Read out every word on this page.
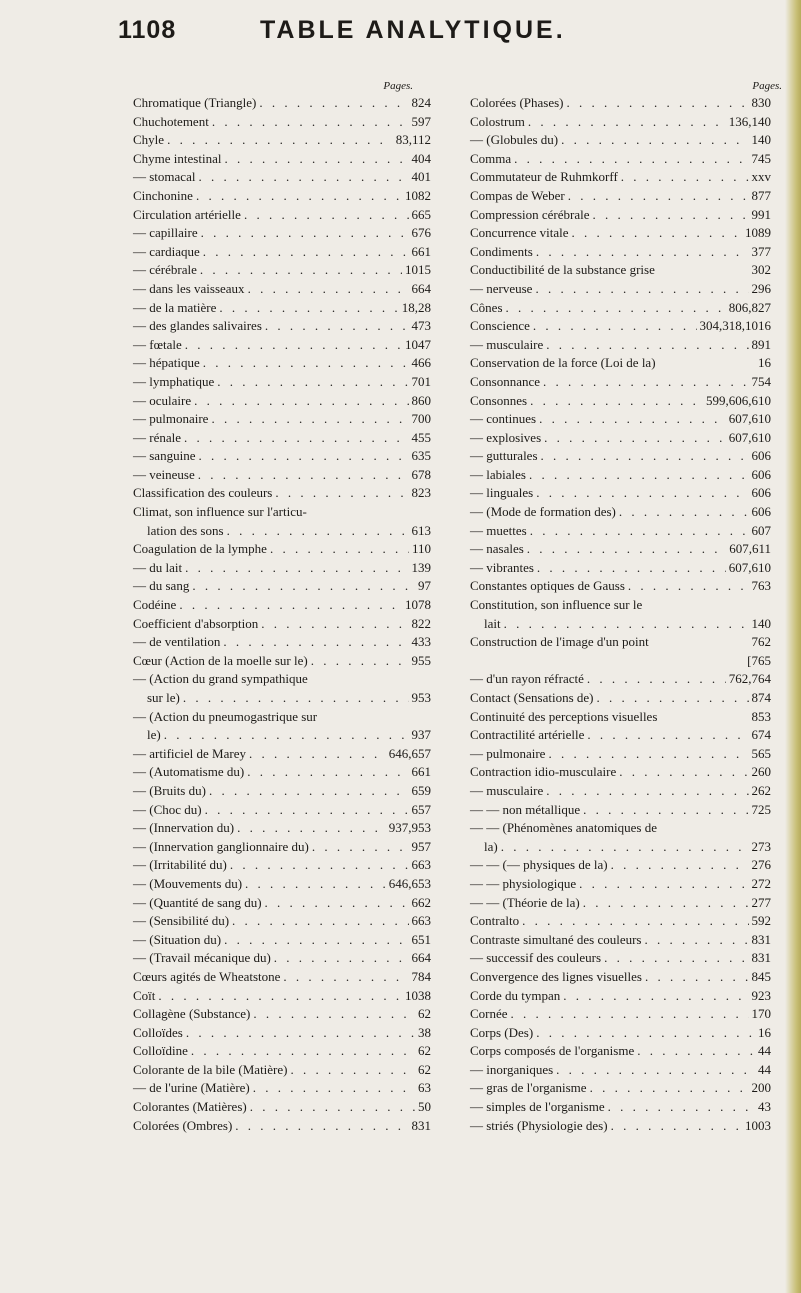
1108	TABLE ANALYTIQUE.
Pages.
Chromatique (Triangle) . . .	824
Chuchotement . . .	597
Chyle . . .	83,112
Chyme intestinal . . .	404
— stomacal . . .	401
Cinchonine . . .	1082
Circulation artérielle . . .	665
— capillaire . . .	676
— cardiaque . . .	661
— cérébrale . . .	1015
— dans les vaisseaux . . .	664
— de la matière . . .	18,28
— des glandes salivaires . . .	473
— fœtale . . .	1047
— hépatique . . .	466
— lymphatique . . .	701
— oculaire . . .	860
— pulmonaire . . .	700
— rénale . . .	455
— sanguine . . .	635
— veineuse . . .	678
Classification des couleurs . . .	823
Climat, son influence sur l'articu-
lation des sons . . .	613
Coagulation de la lymphe . . .	110
— du lait . . .	139
— du sang . . .	97
Codéine . . .	1078
Coefficient d'absorption . . .	822
— de ventilation . . .	433
Cœur (Action de la moelle sur le) . . .	955
— (Action du grand sympathique
sur le) . . .	953
— (Action du pneumogastrique sur
le) . . .	937
— artificiel de Marey . . .	646,657
— (Automatisme du) . . .	661
— (Bruits du) . . .	659
— (Choc du) . . .	657
— (Innervation du) . . .	937,953
— (Innervation ganglionnaire du) . . .	957
— (Irritabilité du) . . .	663
— (Mouvements du) . . .	646,653
— (Quantité de sang du) . . .	662
— (Sensibilité du) . . .	663
— (Situation du) . . .	651
— (Travail mécanique du) . . .	664
Cœurs agités de Wheatstone . . .	784
Coït . . .	1038
Collagène (Substance) . . .	62
Colloïdes . . .	38
Colloïdine . . .	62
Colorante de la bile (Matière) . . .	62
— de l'urine (Matière) . . .	63
Colorantes (Matières) . . .	50
Colorées (Ombres) . . .	831
Pages.
Colorées (Phases) . . .	830
Colostrum . . .	136,140
— (Globules du) . . .	140
Comma . . .	745
Commutateur de Ruhmkorff . . .	xxv
Compas de Weber . . .	877
Compression cérébrale . . .	991
Concurrence vitale . . .	1089
Condiments . . .	377
Conductibilité de la substance grise	302
— nerveuse . . .	296
Cônes . . .	806,827
Conscience . . .	304,318,1016
— musculaire . . .	891
Conservation de la force (Loi de la)	16
Consonnance . . .	754
Consonnes . . .	599,606,610
— continues . . .	607,610
— explosives . . .	607,610
— gutturales . . .	606
— labiales . . .	606
— linguales . . .	606
— (Mode de formation des) . . .	606
— muettes . . .	607
— nasales . . .	607,611
— vibrantes . . .	607,610
Constantes optiques de Gauss . . .	763
Constitution, son influence sur le
lait . . .	140
Construction de l'image d'un point	762
[765
— d'un rayon réfracté . . .	762,764
Contact (Sensations de) . . .	874
Continuité des perceptions visuelles	853
Contractilité artérielle . . .	674
— pulmonaire . . .	565
Contraction idio-musculaire . . .	260
— musculaire . . .	262
— — non métallique . . .	725
— — (Phénomènes anatomiques de
la) . . .	273
— — (— physiques de la) . . .	276
— — physiologique . . .	272
— — (Théorie de la) . . .	277
Contralto . . .	592
Contraste simultané des couleurs . . .	831
— successif des couleurs . . .	831
Convergence des lignes visuelles . . .	845
Corde du tympan . . .	923
Cornée . . .	170
Corps (Des) . . .	16
Corps composés de l'organisme . . .	44
— inorganiques . . .	44
— gras de l'organisme . . .	200
— simples de l'organisme . . .	43
— striés (Physiologie des) . . .	1003
